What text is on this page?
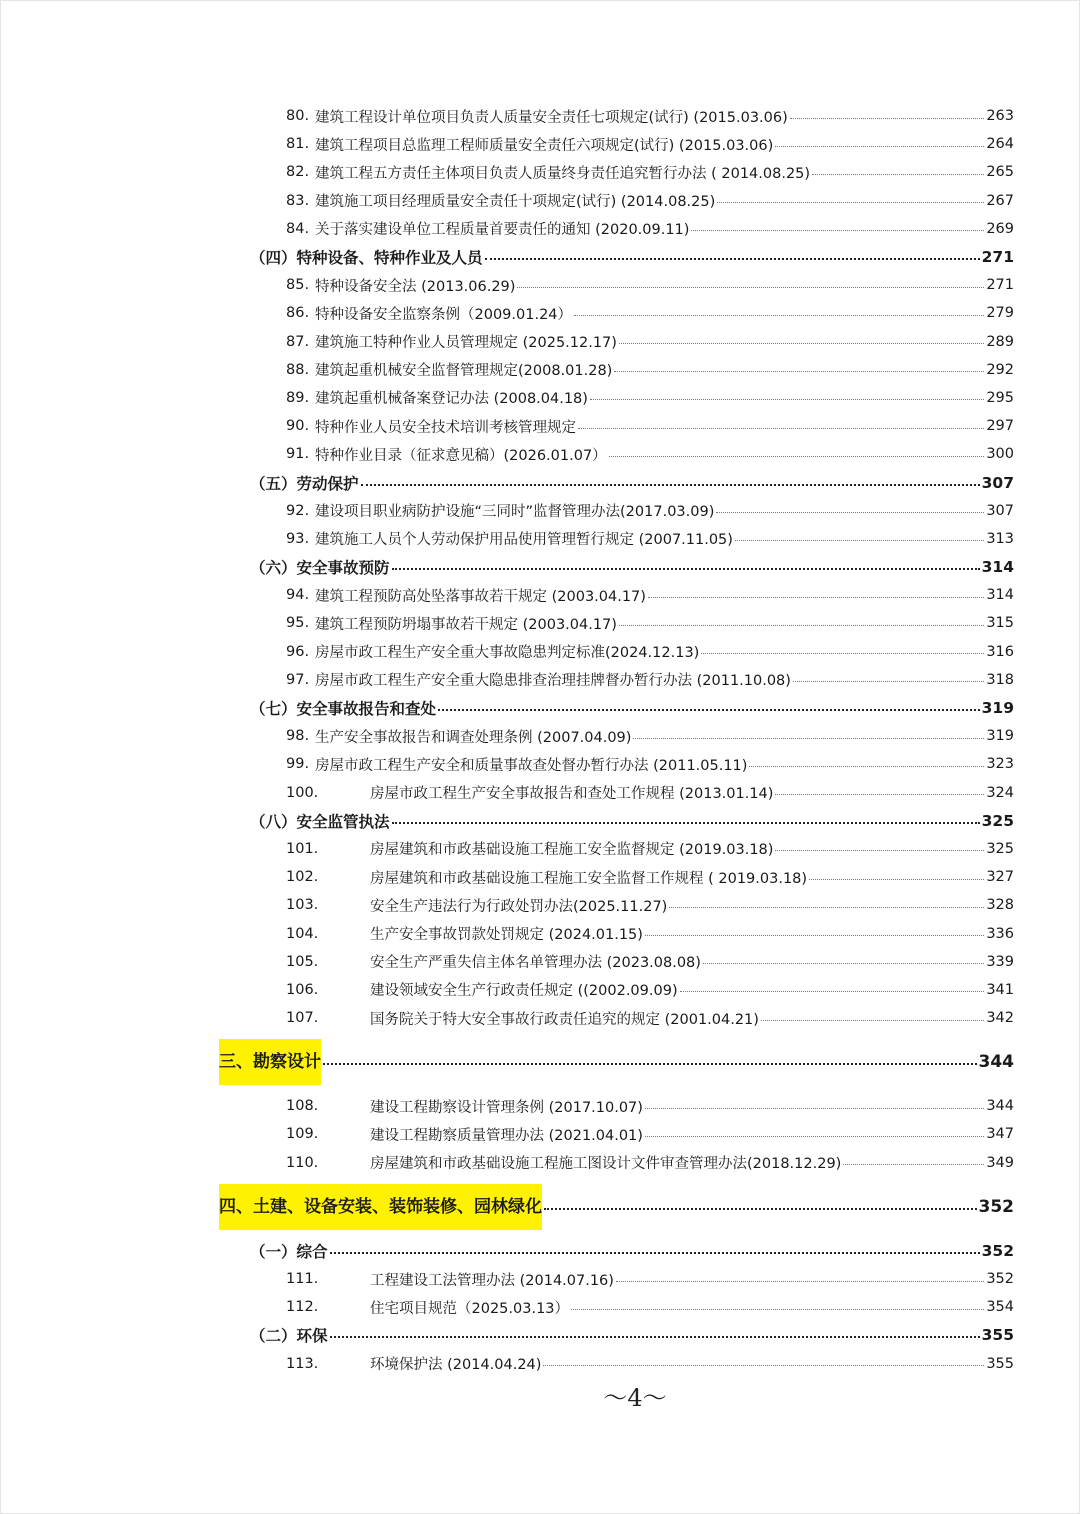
80. 建筑工程设计单位项目负责人质量安全责任七项规定(试行) (2015.03.06)	263
81. 建筑工程项目总监理工程师质量安全责任六项规定(试行) (2015.03.06)	264
82. 建筑工程五方责任主体项目负责人质量终身责任追究暂行办法 ( 2014.08.25)	265
83. 建筑施工项目经理质量安全责任十项规定(试行) (2014.08.25)	267
84. 关于落实建设单位工程质量首要责任的通知 (2020.09.11)	269
（四）特种设备、特种作业及人员	271
85. 特种设备安全法 (2013.06.29)	271
86. 特种设备安全监察条例（2009.01.24）	279
87. 建筑施工特种作业人员管理规定 (2025.12.17)	289
88. 建筑起重机械安全监督管理规定(2008.01.28)	292
89. 建筑起重机械备案登记办法 (2008.04.18)	295
90. 特种作业人员安全技术培训考核管理规定	297
91. 特种作业目录（征求意见稿）(2026.01.07）	300
（五）劳动保护	307
92. 建设项目职业病防护设施“三同时”监督管理办法(2017.03.09)	307
93. 建筑施工人员个人劳动保护用品使用管理暂行规定 (2007.11.05)	313
（六）安全事故预防	314
94. 建筑工程预防高处坠落事故若干规定 (2003.04.17)	314
95. 建筑工程预防坍塌事故若干规定 (2003.04.17)	315
96. 房屋市政工程生产安全重大事故隐患判定标准(2024.12.13)	316
97. 房屋市政工程生产安全重大隐患排查治理挂牌督办暂行办法 (2011.10.08)	318
（七）安全事故报告和查处	319
98. 生产安全事故报告和调查处理条例 (2007.04.09)	319
99. 房屋市政工程生产安全和质量事故查处督办暂行办法 (2011.05.11)	323
100.	房屋市政工程生产安全事故报告和查处工作规程 (2013.01.14)	324
（八）安全监管执法	325
101.	房屋建筑和市政基础设施工程施工安全监督规定 (2019.03.18)	325
102.	房屋建筑和市政基础设施工程施工安全监督工作规程 ( 2019.03.18)	327
103.	安全生产违法行为行政处罚办法(2025.11.27)	328
104.	生产安全事故罚款处罚规定 (2024.01.15)	336
105.	安全生产严重失信主体名单管理办法 (2023.08.08)	339
106.	建设领域安全生产行政责任规定 ((2002.09.09)	341
107.	国务院关于特大安全事故行政责任追究的规定 (2001.04.21)	342
三、勘察设计	344
108.	建设工程勘察设计管理条例 (2017.10.07)	344
109.	建设工程勘察质量管理办法 (2021.04.01)	347
110.	房屋建筑和市政基础设施工程施工图设计文件审查管理办法(2018.12.29)	349
四、土建、设备安装、装饰装修、园林绿化	352
（一）综合	352
111.	工程建设工法管理办法 (2014.07.16)	352
112.	住宅项目规范（2025.03.13）	354
（二）环保	355
113.	环境保护法 (2014.04.24)	355
～4～
